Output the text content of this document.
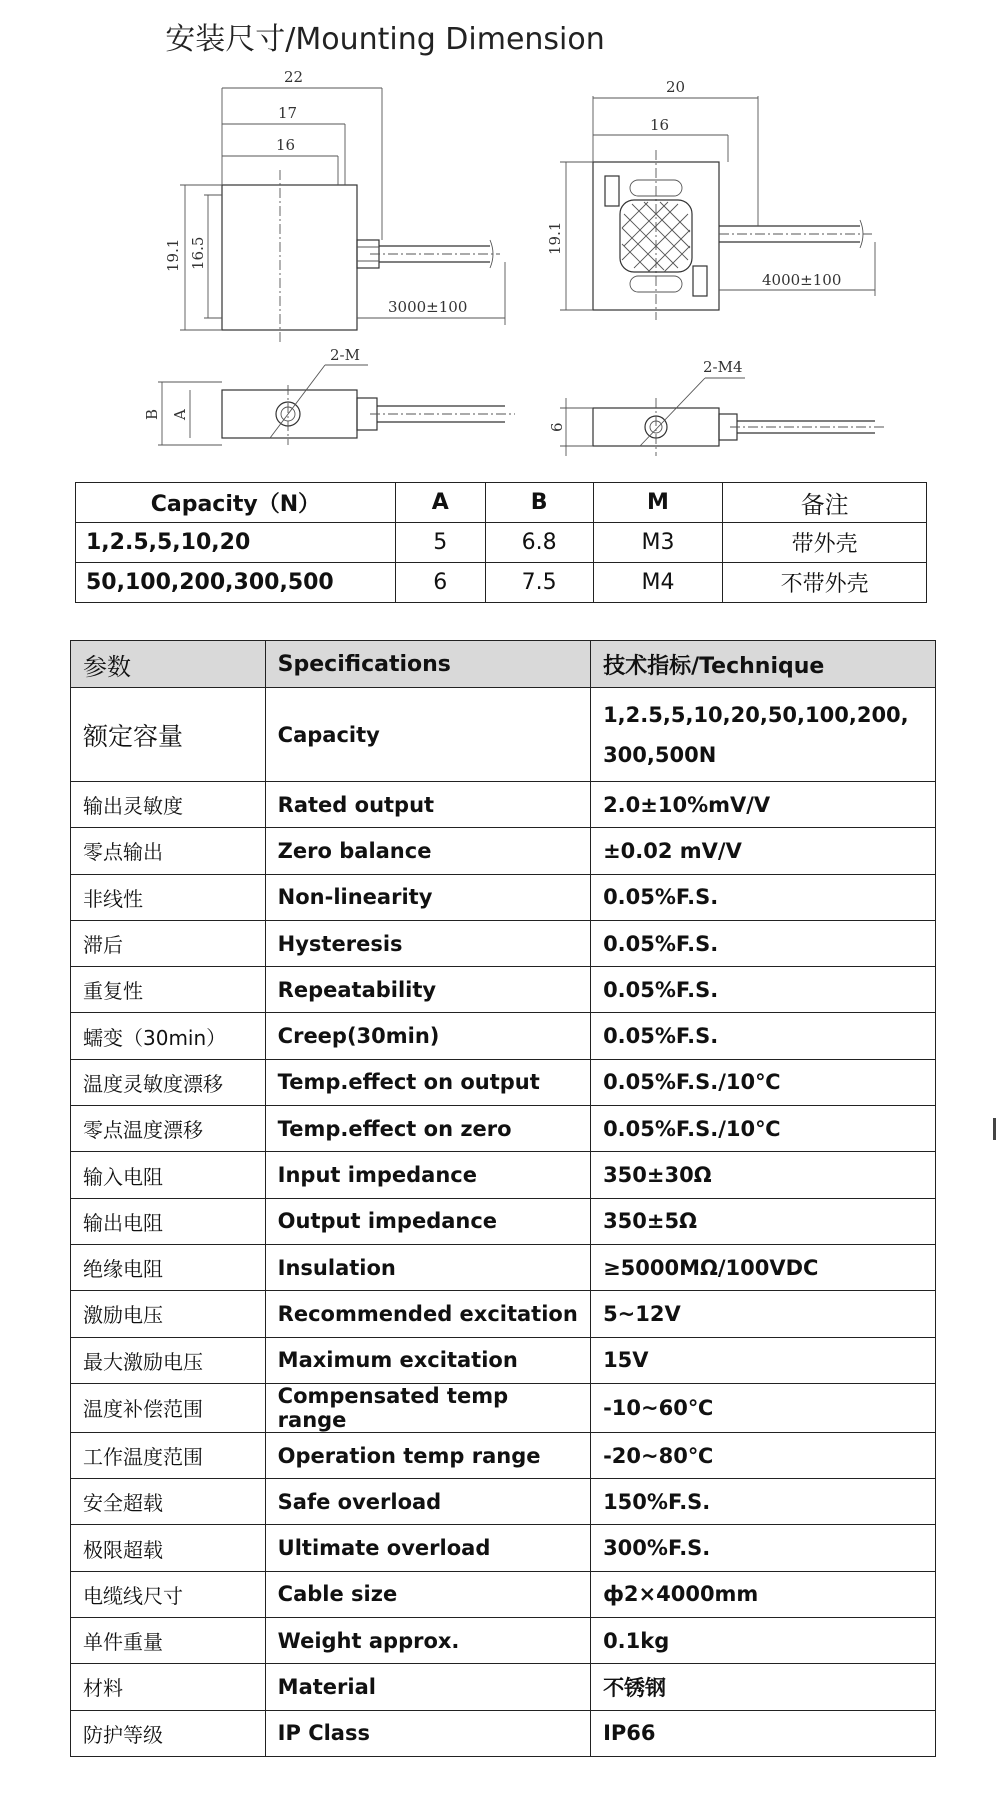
安装尺寸/Mounting Dimension
22
17
16
19.1 16.5
3000±100
2-M
B A
20
16
19.1
4000±100
2-M4
6
Capacity（N）	A	B	M	备注
1,2.5,5,10,20	5	6.8	M3	带外壳
50,100,200,300,500	6	7.5	M4	不带外壳
参数	Specifications	技术指标/Technique
额定容量	Capacity	1,2.5,5,10,20,50,100,200,
300,500N

输出灵敏度	Rated output	2.0±10%mV/V
零点输出	Zero balance	±0.02 mV/V
非线性	Non-linearity	0.05%F.S.
滞后	Hysteresis	0.05%F.S.
重复性	Repeatability	0.05%F.S.
蠕变（30min）	Creep(30min)	0.05%F.S.
温度灵敏度漂移	Temp.effect on output	0.05%F.S./10℃
零点温度漂移	Temp.effect on zero	0.05%F.S./10℃
输入电阻	Input impedance	350±30Ω
输出电阻	Output impedance	350±5Ω
绝缘电阻	Insulation	≥5000MΩ/100VDC
激励电压	Recommended excitation	5~12V
最大激励电压	Maximum excitation	15V
温度补偿范围	Compensated temp range	-10~60℃
工作温度范围	Operation temp range	-20~80℃
安全超载	Safe overload	150%F.S.
极限超载	Ultimate overload	300%F.S.
电缆线尺寸	Cable size	ф2×4000mm
单件重量	Weight approx.	0.1kg
材料	Material	不锈钢
防护等级	IP Class	IP66
